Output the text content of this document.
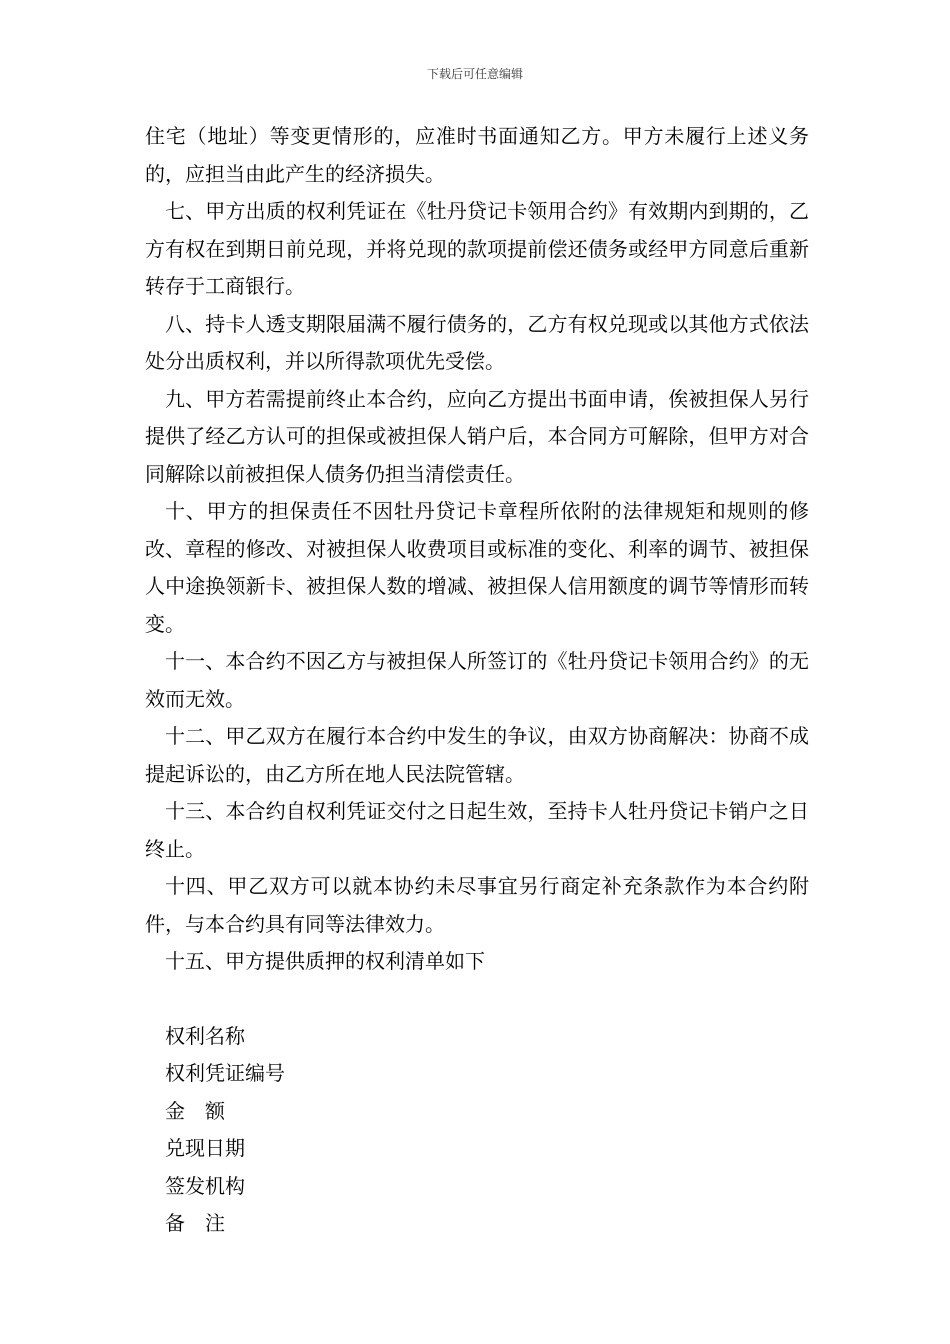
下载后可任意编辑

住宅（地址）等变更情形的，应准时书面通知乙方。甲方未履行上述义务的，应担当由此产生的经济损失。

七、甲方出质的权利凭证在《牡丹贷记卡领用合约》有效期内到期的，乙方有权在到期日前兑现，并将兑现的款项提前偿还债务或经甲方同意后重新转存于工商银行。

八、持卡人透支期限届满不履行债务的，乙方有权兑现或以其他方式依法处分出质权利，并以所得款项优先受偿。

九、甲方若需提前终止本合约，应向乙方提出书面申请，俟被担保人另行提供了经乙方认可的担保或被担保人销户后，本合同方可解除，但甲方对合同解除以前被担保人债务仍担当清偿责任。

十、甲方的担保责任不因牡丹贷记卡章程所依附的法律规矩和规则的修改、章程的修改、对被担保人收费项目或标准的变化、利率的调节、被担保人中途换领新卡、被担保人数的增减、被担保人信用额度的调节等情形而转变。

十一、本合约不因乙方与被担保人所签订的《牡丹贷记卡领用合约》的无效而无效。

十二、甲乙双方在履行本合约中发生的争议，由双方协商解决：协商不成提起诉讼的，由乙方所在地人民法院管辖。

十三、本合约自权利凭证交付之日起生效，至持卡人牡丹贷记卡销户之日终止。

十四、甲乙双方可以就本协约未尽事宜另行商定补充条款作为本合约附件，与本合约具有同等法律效力。

十五、甲方提供质押的权利清单如下

权利名称

权利凭证编号

金　额

兑现日期

签发机构

备　注
